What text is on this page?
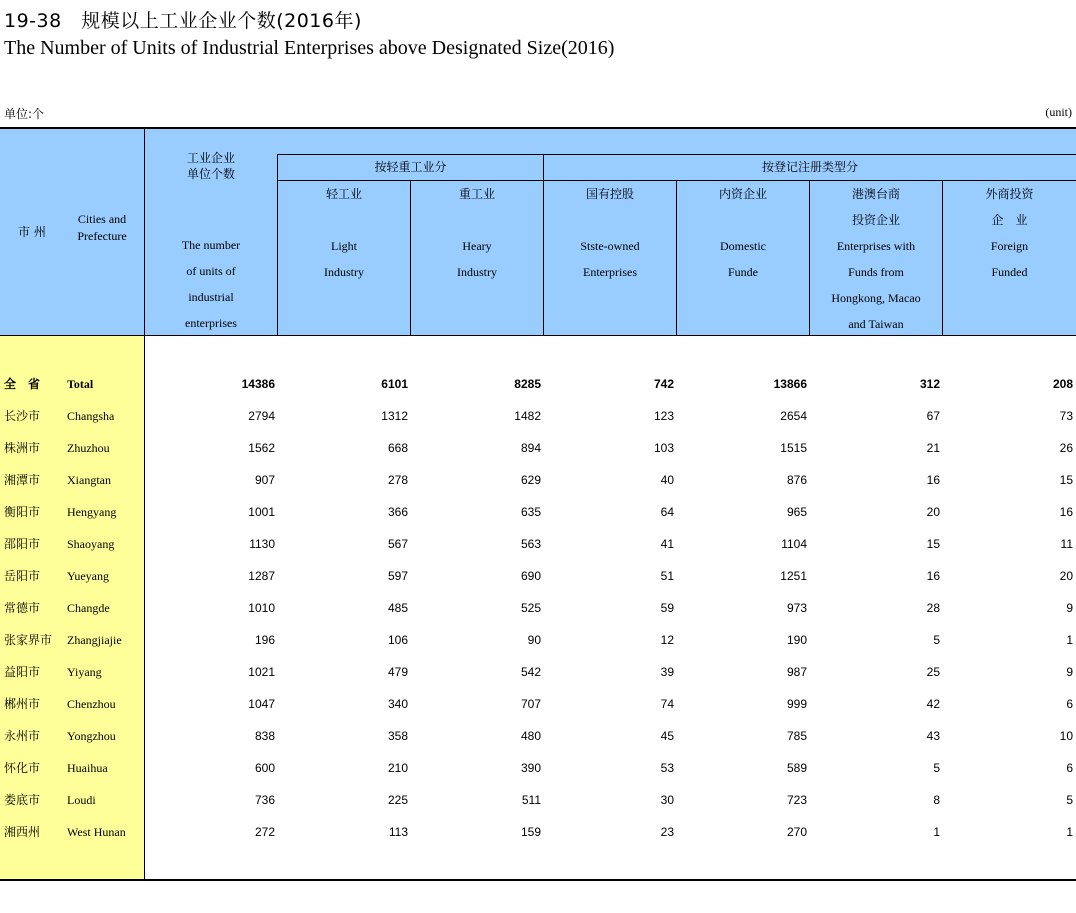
19-38　规模以上工业企业个数(2016年)
The Number of Units of Industrial Enterprises above Designated Size(2016)
单位:个	(unit)
市 州
Cities and
Prefecture
工业企业
单位个数
The number
of units of
industrial
enterprises
按轻重工业分	按登记注册类型分
轻工业

Light
Industry
重工业

Heary
Industry
国有控股

Stste-owned
Enterprises
内资企业

Domestic
Funde
港澳台商
投资企业
Enterprises with
Funds from
Hongkong, Macao
and Taiwan
外商投资
企　业
Foreign
Funded
全　省 Total	14386	6101	8285	742	13866	312	208
长沙市 Changsha	2794	1312	1482	123	2654	67	73
株洲市 Zhuzhou	1562	668	894	103	1515	21	26
湘潭市 Xiangtan	907	278	629	40	876	16	15
衡阳市 Hengyang	1001	366	635	64	965	20	16
邵阳市 Shaoyang	1130	567	563	41	1104	15	11
岳阳市 Yueyang	1287	597	690	51	1251	16	20
常德市 Changde	1010	485	525	59	973	28	9
张家界市 Zhangjiajie	196	106	90	12	190	5	1
益阳市 Yiyang	1021	479	542	39	987	25	9
郴州市 Chenzhou	1047	340	707	74	999	42	6
永州市 Yongzhou	838	358	480	45	785	43	10
怀化市 Huaihua	600	210	390	53	589	5	6
娄底市 Loudi	736	225	511	30	723	8	5
湘西州 West Hunan	272	113	159	23	270	1	1
